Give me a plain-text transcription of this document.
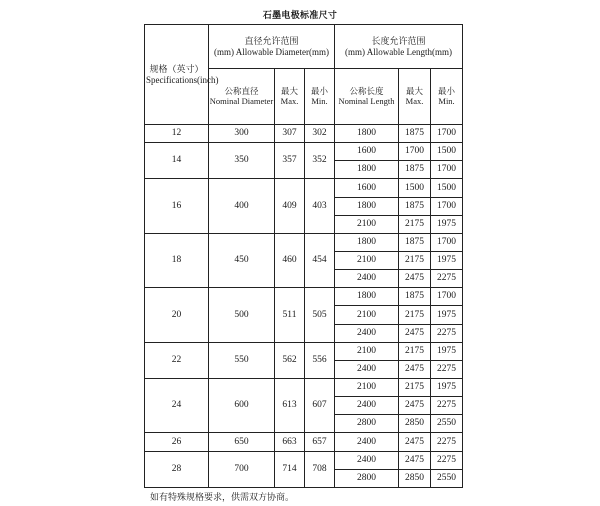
石墨电极标准尺寸
规格（英寸）Specifications(inch)	直径允许范围
(mm) Allowable Diameter(mm)			长度允许范围
(mm) Allowable Length(mm)		

	公称直径 Nominal Diameter	最大 Max.	最小 Min.	公称长度 Nominal Length	最大 Max.	最小 Min.
12	300	307	302	1800	1875	1700
14	350	357	352	1600	1700	1500
				1800	1875	1700
16	400	409	403	1600	1500	1500
				1800	1875	1700
				2100	2175	1975
18	450	460	454	1800	1875	1700
				2100	2175	1975
				2400	2475	2275
20	500	511	505	1800	1875	1700
				2100	2175	1975
				2400	2475	2275
22	550	562	556	2100	2175	1975
				2400	2475	2275
24	600	613	607	2100	2175	1975
				2400	2475	2275
				2800	2850	2550
26	650	663	657	2400	2475	2275
28	700	714	708	2400	2475	2275
				2800	2850	2550
如有特殊规格要求，供需双方协商。
